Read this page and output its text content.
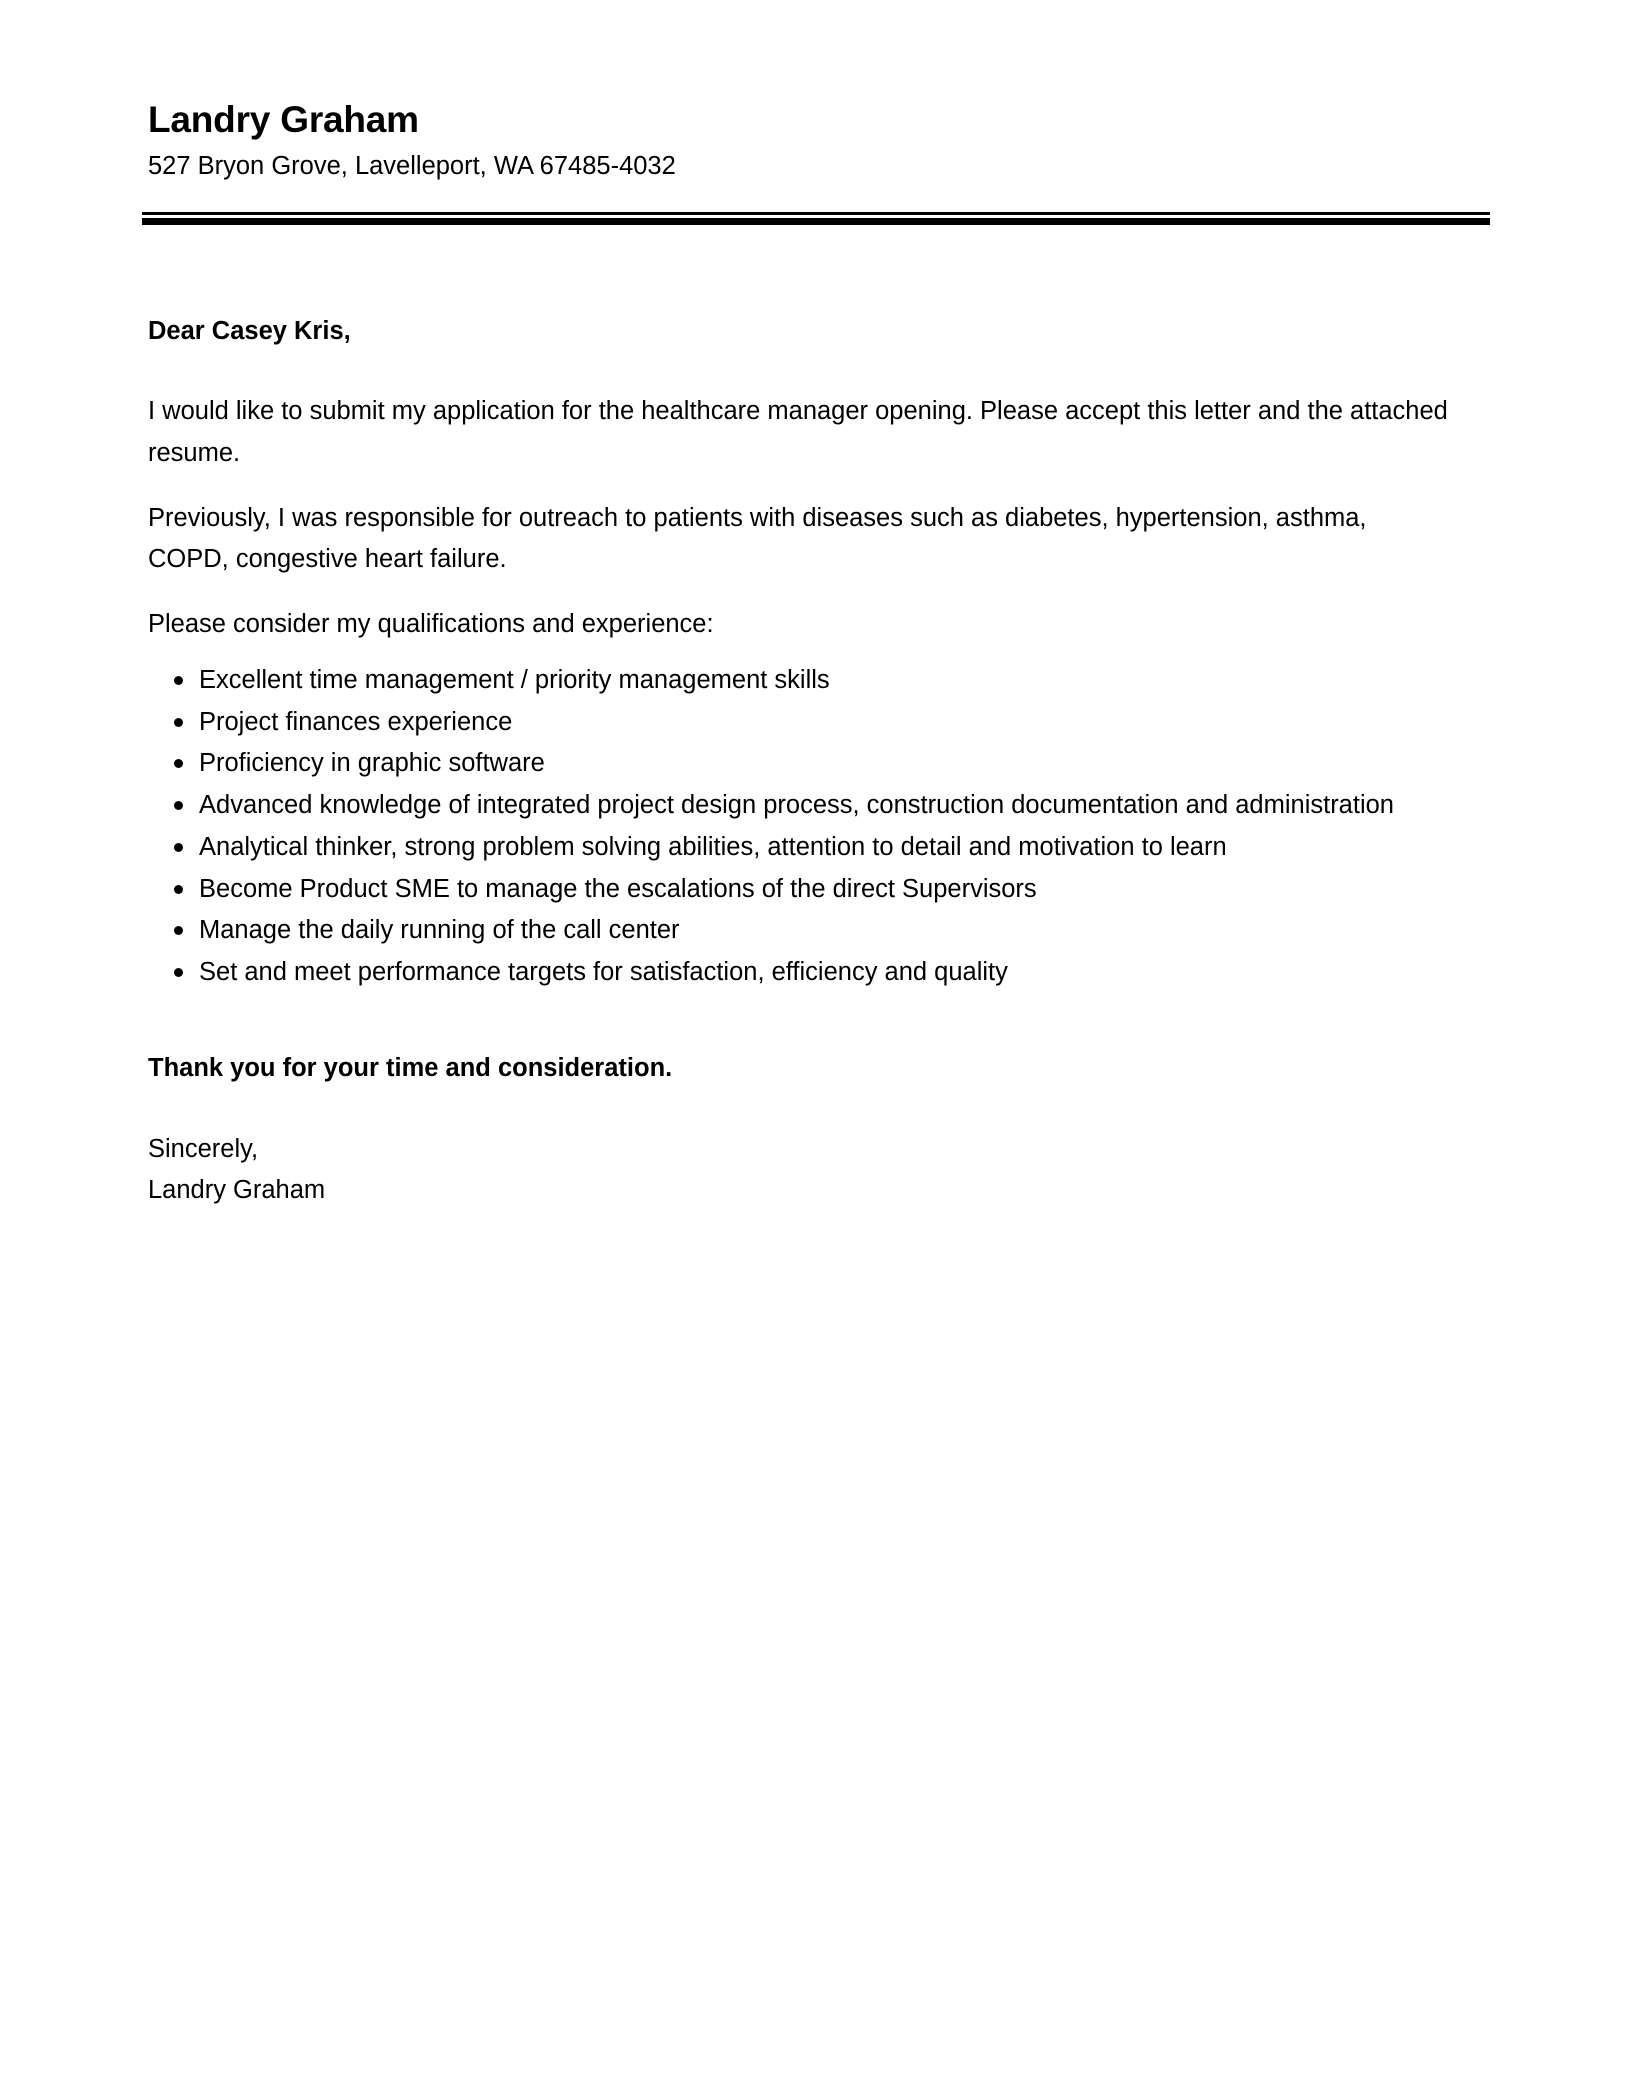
Landry Graham
527 Bryon Grove, Lavelleport, WA 67485-4032

Dear Casey Kris,

I would like to submit my application for the healthcare manager opening. Please accept this letter and the attached resume.

Previously, I was responsible for outreach to patients with diseases such as diabetes, hypertension, asthma, COPD, congestive heart failure.

Please consider my qualifications and experience:

Excellent time management / priority management skills
Project finances experience
Proficiency in graphic software
Advanced knowledge of integrated project design process, construction documentation and administration
Analytical thinker, strong problem solving abilities, attention to detail and motivation to learn
Become Product SME to manage the escalations of the direct Supervisors
Manage the daily running of the call center
Set and meet performance targets for satisfaction, efficiency and quality

Thank you for your time and consideration.

Sincerely,

Landry Graham
